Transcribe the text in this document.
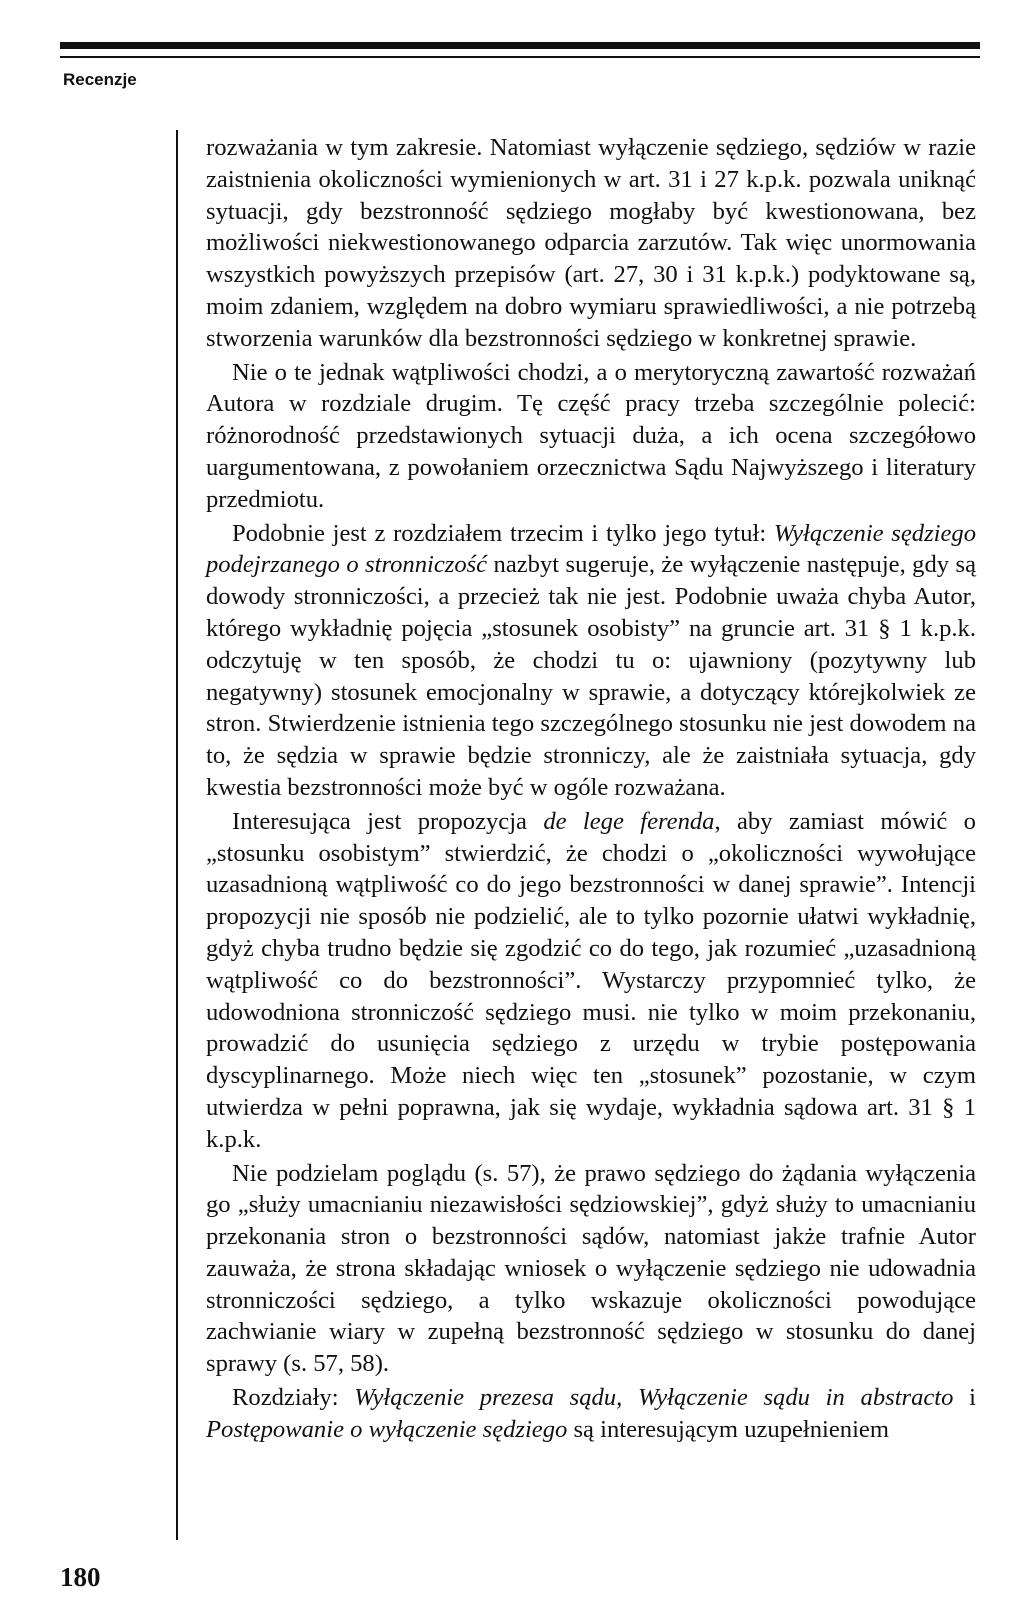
Recenzje

rozważania w tym zakresie. Natomiast wyłączenie sędziego, sędziów w razie zaistnienia okoliczności wymienionych w art. 31 i 27 k.p.k. pozwala uniknąć sytuacji, gdy bezstronność sędziego mogłaby być kwestionowana, bez możliwości niekwestionowanego odparcia zarzutów. Tak więc unormowania wszystkich powyższych przepisów (art. 27, 30 i 31 k.p.k.) podyktowane są, moim zdaniem, względem na dobro wymiaru sprawiedliwości, a nie potrzebą stworzenia warunków dla bezstronności sędziego w konkretnej sprawie.

Nie o te jednak wątpliwości chodzi, a o merytoryczną zawartość rozważań Autora w rozdziale drugim. Tę część pracy trzeba szczególnie polecić: różnorodność przedstawionych sytuacji duża, a ich ocena szczegółowo uargumentowana, z powołaniem orzecznictwa Sądu Najwyższego i literatury przedmiotu.

Podobnie jest z rozdziałem trzecim i tylko jego tytuł: Wyłączenie sędziego podejrzanego o stronniczość nazbyt sugeruje, że wyłączenie następuje, gdy są dowody stronniczości, a przecież tak nie jest. Podobnie uważa chyba Autor, którego wykładnię pojęcia „stosunek osobisty” na gruncie art. 31 § 1 k.p.k. odczytuję w ten sposób, że chodzi tu o: ujawniony (pozytywny lub negatywny) stosunek emocjonalny w sprawie, a dotyczący którejkolwiek ze stron. Stwierdzenie istnienia tego szczególnego stosunku nie jest dowodem na to, że sędzia w sprawie będzie stronniczy, ale że zaistniała sytuacja, gdy kwestia bezstronności może być w ogóle rozważana.

Interesująca jest propozycja de lege ferenda, aby zamiast mówić o „stosunku osobistym” stwierdzić, że chodzi o „okoliczności wywołujące uzasadnioną wątpliwość co do jego bezstronności w danej sprawie”. Intencji propozycji nie sposób nie podzielić, ale to tylko pozornie ułatwi wykładnię, gdyż chyba trudno będzie się zgodzić co do tego, jak rozumieć „uzasadnioną wątpliwość co do bezstronności”. Wystarczy przypomnieć tylko, że udowodniona stronniczość sędziego musi. nie tylko w moim przekonaniu, prowadzić do usunięcia sędziego z urzędu w trybie postępowania dyscyplinarnego. Może niech więc ten „stosunek” pozostanie, w czym utwierdza w pełni poprawna, jak się wydaje, wykładnia sądowa art. 31 § 1 k.p.k.

Nie podzielam poglądu (s. 57), że prawo sędziego do żądania wyłączenia go „służy umacnianiu niezawisłości sędziowskiej”, gdyż służy to umacnianiu przekonania stron o bezstronności sądów, natomiast jakże trafnie Autor zauważa, że strona składając wniosek o wyłączenie sędziego nie udowadnia stronniczości sędziego, a tylko wskazuje okoliczności powodujące zachwianie wiary w zupełną bezstronność sędziego w stosunku do danej sprawy (s. 57, 58).

Rozdziały: Wyłączenie prezesa sądu, Wyłączenie sądu in abstracto i Postępowanie o wyłączenie sędziego są interesującym uzupełnieniem

180
